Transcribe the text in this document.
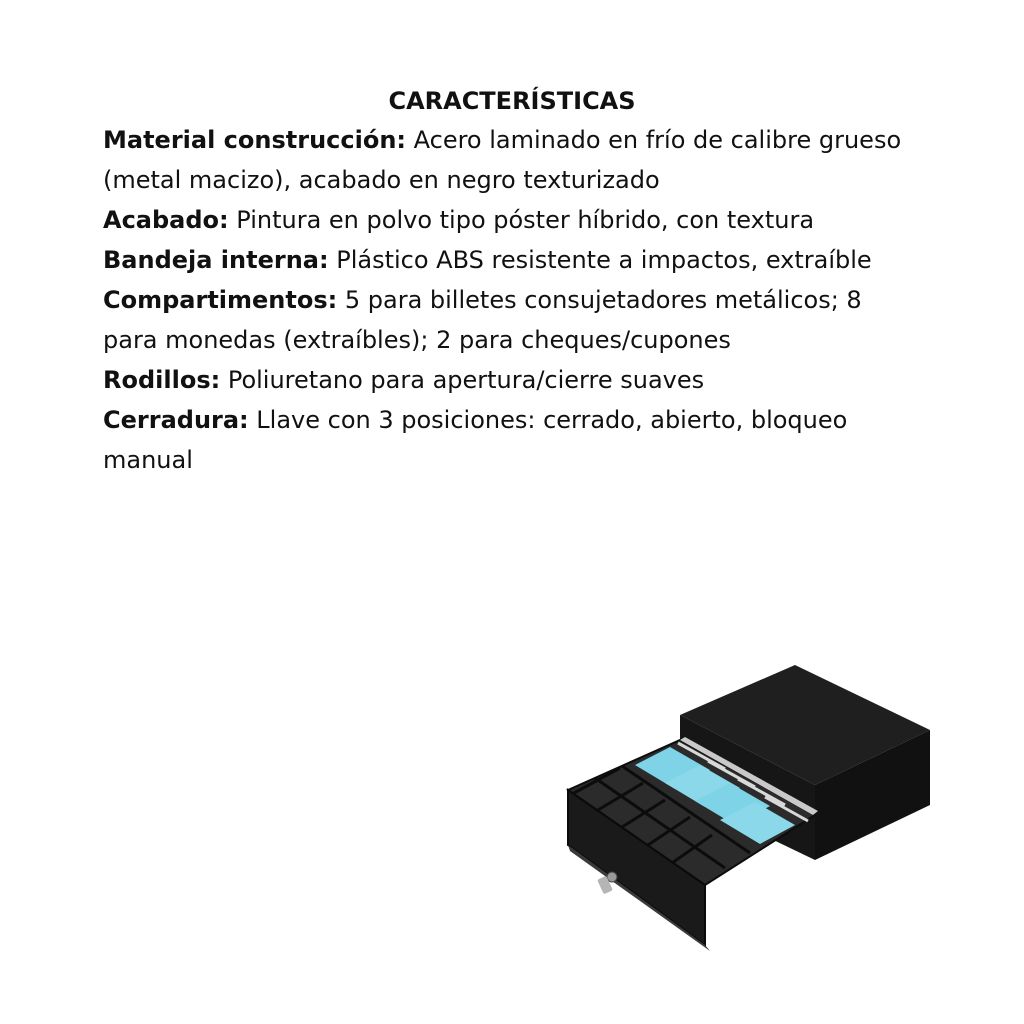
CARACTERÍSTICAS

Material construcción: Acero laminado en frío de calibre grueso (metal macizo), acabado en negro texturizado

Acabado: Pintura en polvo tipo póster híbrido, con textura

Bandeja interna: Plástico ABS resistente a impactos, extraíble

Compartimentos: 5 para billetes consujetadores metálicos; 8 para monedas (extraíbles); 2 para cheques/cupones

Rodillos: Poliuretano para apertura/cierre suaves

Cerradura: Llave con 3 posiciones: cerrado, abierto, bloqueo manual
